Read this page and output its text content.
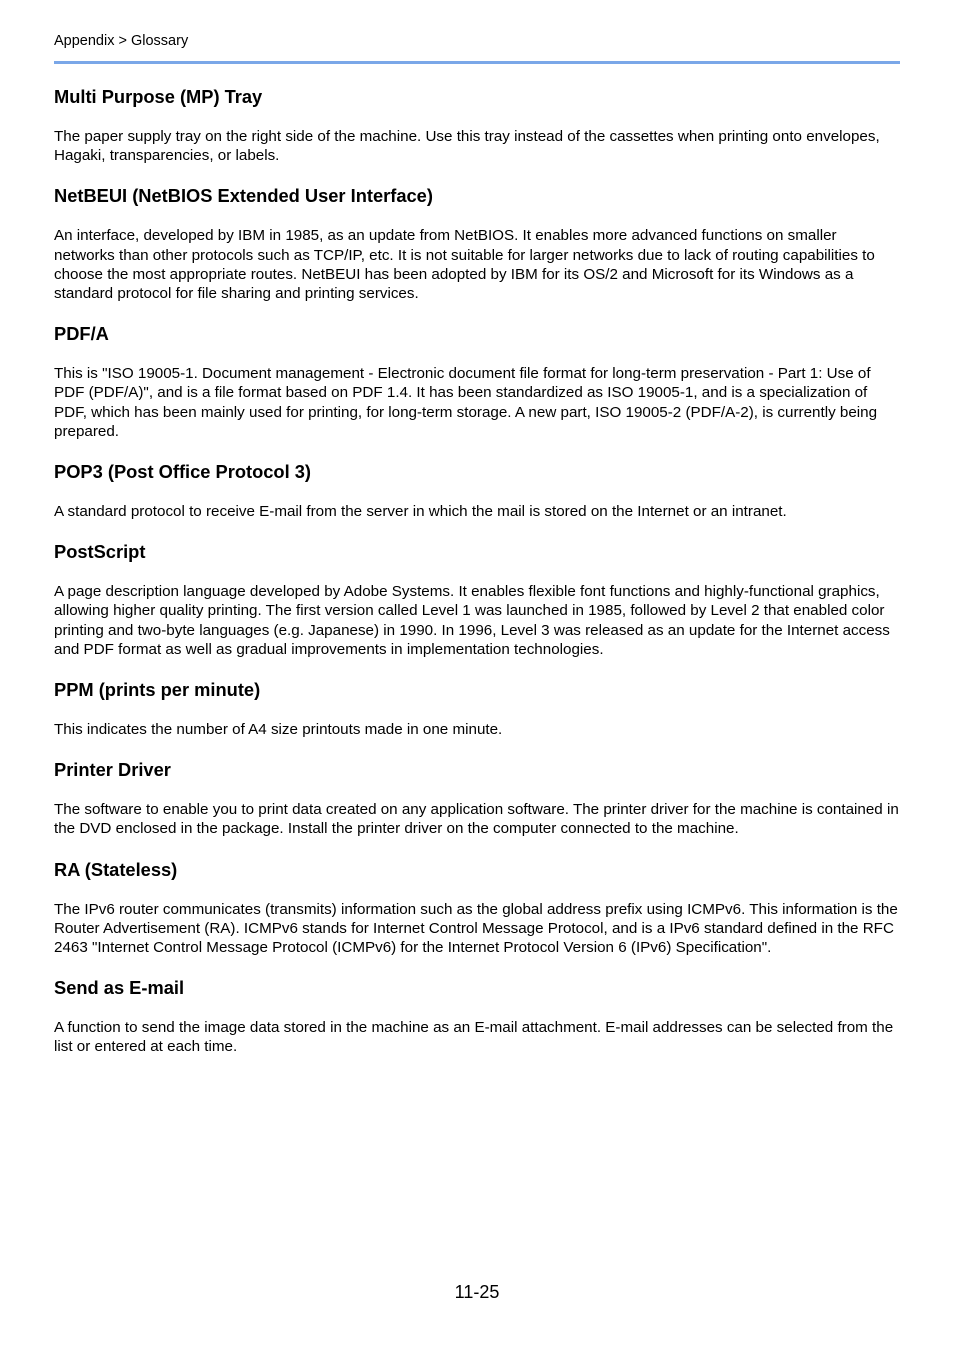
Appendix > Glossary
Multi Purpose (MP) Tray

The paper supply tray on the right side of the machine. Use this tray instead of the cassettes when printing onto envelopes, Hagaki, transparencies, or labels.

NetBEUI (NetBIOS Extended User Interface)

An interface, developed by IBM in 1985, as an update from NetBIOS. It enables more advanced functions on smaller networks than other protocols such as TCP/IP, etc. It is not suitable for larger networks due to lack of routing capabilities to choose the most appropriate routes. NetBEUI has been adopted by IBM for its OS/2 and Microsoft for its Windows as a standard protocol for file sharing and printing services.

PDF/A

This is "ISO 19005-1. Document management - Electronic document file format for long-term preservation - Part 1: Use of PDF (PDF/A)", and is a file format based on PDF 1.4. It has been standardized as ISO 19005-1, and is a specialization of PDF, which has been mainly used for printing, for long-term storage. A new part, ISO 19005-2 (PDF/A-2), is currently being prepared.

POP3 (Post Office Protocol 3)

A standard protocol to receive E-mail from the server in which the mail is stored on the Internet or an intranet.

PostScript

A page description language developed by Adobe Systems. It enables flexible font functions and highly-functional graphics, allowing higher quality printing. The first version called Level 1 was launched in 1985, followed by Level 2 that enabled color printing and two-byte languages (e.g. Japanese) in 1990. In 1996, Level 3 was released as an update for the Internet access and PDF format as well as gradual improvements in implementation technologies.

PPM (prints per minute)

This indicates the number of A4 size printouts made in one minute.

Printer Driver

The software to enable you to print data created on any application software. The printer driver for the machine is contained in the DVD enclosed in the package. Install the printer driver on the computer connected to the machine.

RA (Stateless)

The IPv6 router communicates (transmits) information such as the global address prefix using ICMPv6. This information is the Router Advertisement (RA). ICMPv6 stands for Internet Control Message Protocol, and is a IPv6 standard defined in the RFC 2463 "Internet Control Message Protocol (ICMPv6) for the Internet Protocol Version 6 (IPv6) Specification".

Send as E-mail

A function to send the image data stored in the machine as an E-mail attachment. E-mail addresses can be selected from the list or entered at each time.

11-25
